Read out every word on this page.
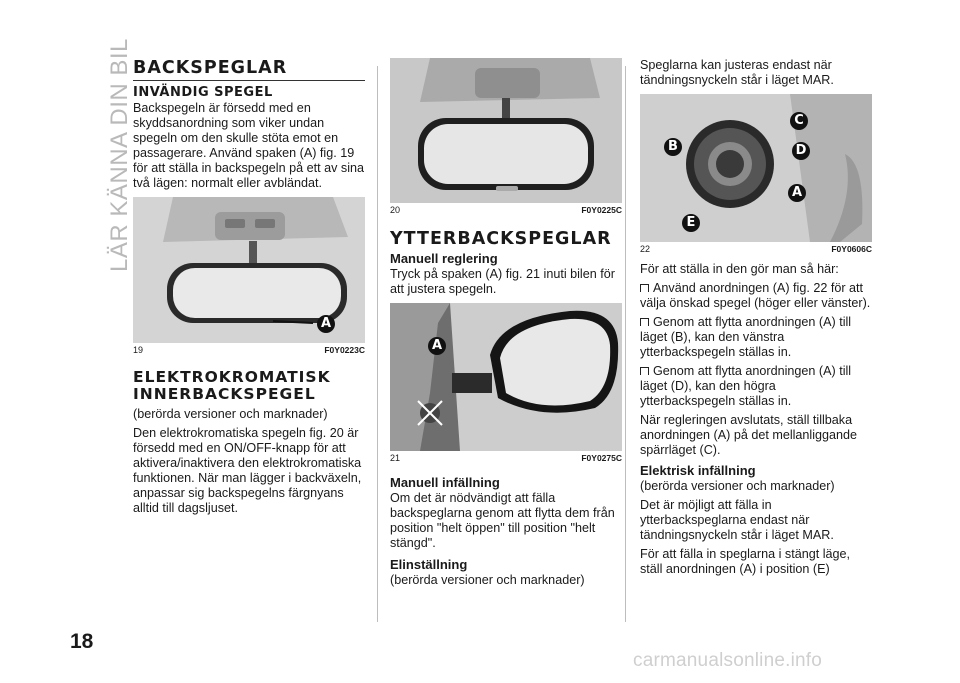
LÄR KÄNNA DIN BIL
18
BACKSPEGLAR
INVÄNDIG SPEGEL

Backspegeln är försedd med en skyddsanordning som viker undan spegeln om den skulle stöta emot en passagerare. Använd spaken (A) fig. 19 för att ställa in backspegeln på ett av sina två lägen: normalt eller avbländat.

A
19	F0Y0223C
ELEKTROKROMATISK INNERBACKSPEGEL

(berörda versioner och marknader)

Den elektrokromatiska spegeln fig. 20 är försedd med en ON/OFF-knapp för att aktivera/inaktivera den elektrokromatiska funktionen. När man lägger i backväxeln, anpassar sig backspegelns färgnyans alltid till dagsljuset.

20	F0Y0225C
YTTERBACKSPEGLAR
Manuell reglering

Tryck på spaken (A) fig. 21 inuti bilen för att justera spegeln.

A
21	F0Y0275C
Manuell infällning

Om det är nödvändigt att fälla backspeglarna genom att flytta dem från position "helt öppen" till position "helt stängd".

Elinställning

(berörda versioner och marknader)

Speglarna kan justeras endast när tändningsnyckeln står i läget MAR.

B
C
D
A
E
22	F0Y0606C

För att ställa in den gör man så här:

Använd anordningen (A) fig. 22 för att välja önskad spegel (höger eller vänster).

Genom att flytta anordningen (A) till läget (B), kan den vänstra ytterbackspegeln ställas in.

Genom att flytta anordningen (A) till läget (D), kan den högra ytterbackspegeln ställas in.

När regleringen avslutats, ställ tillbaka anordningen (A) på det mellanliggande spärrläget (C).

Elektrisk infällning

(berörda versioner och marknader)

Det är möjligt att fälla in ytterbackspeglarna endast när tändningsnyckeln står i läget MAR.

För att fälla in speglarna i stängt läge, ställ anordningen (A) i position (E)

carmanualsonline.info
